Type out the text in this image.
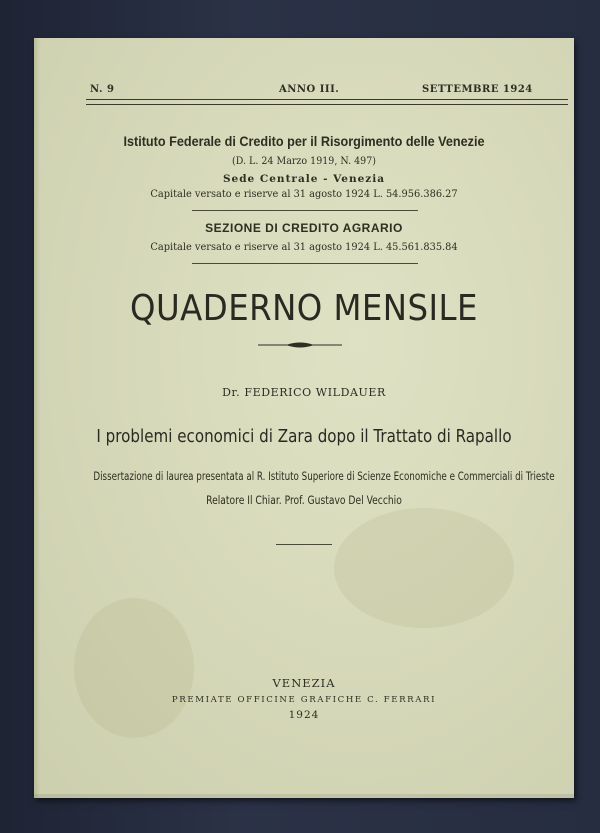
N. 9	ANNO III.	SETTEMBRE 1924
Istituto Federale di Credito per il Risorgimento delle Venezie
(D. L. 24 Marzo 1919, N. 497)
Sede Centrale - Venezia
Capitale versato e riserve al 31 agosto 1924 L. 54.956.386.27
SEZIONE DI CREDITO AGRARIO
Capitale versato e riserve al 31 agosto 1924 L. 45.561.835.84
QUADERNO MENSILE
Dr. FEDERICO WILDAUER
I problemi economici di Zara dopo il Trattato di Rapallo
Dissertazione di laurea presentata al R. Istituto Superiore di Scienze Economiche e Commerciali di Trieste
Relatore Il Chiar. Prof. Gustavo Del Vecchio
VENEZIA
PREMIATE OFFICINE GRAFICHE C. FERRARI
1924
